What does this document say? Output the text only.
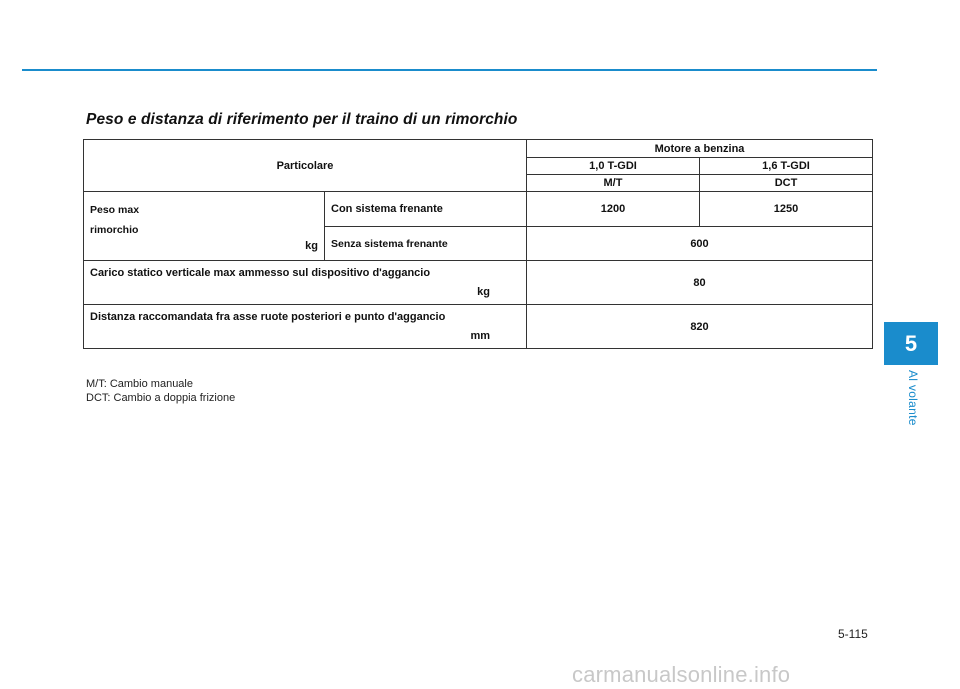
Peso e distanza di riferimento per il traino di un rimorchio
Particolare		Motore a benzina	
		1,0 T-GDI	1,6 T-GDI
		M/T	DCT

Peso max
rimorchio
kg	Con sistema frenante	1200	1250
	Senza sistema frenante	600	

Carico statico verticale max ammesso sul dispositivo d'aggancio
kg		80	

Distanza raccomandata fra asse ruote posteriori e punto d'aggancio
mm		820	
M/T: Cambio manuale
DCT: Cambio a doppia frizione
5
Al volante
5-115
carmanualsonline.info
